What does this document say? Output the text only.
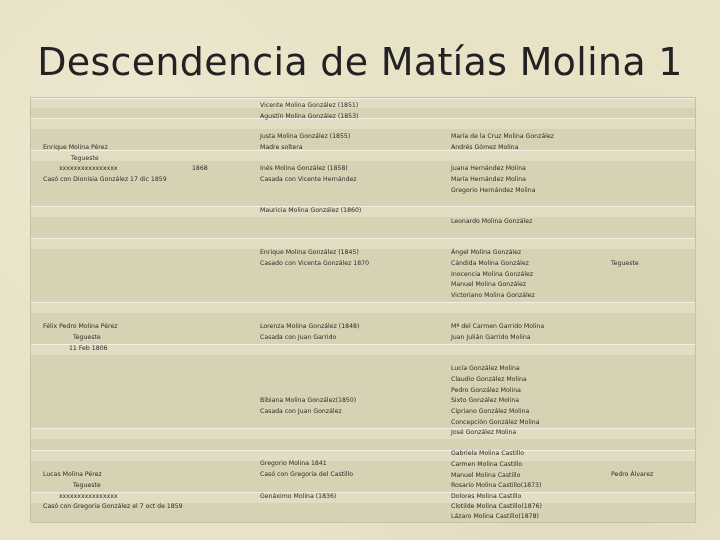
Descendencia de Matías Molina 1
Enrique Molina Pérez
Tegueste
xxxxxxxxxxxxxxxx
Casó con Dionisia González 17 dic 1859
1868
Félix Pedro Molina Pérez
Tegueste
11 Feb 1806
Lucas Molina Pérez
Tegueste
xxxxxxxxxxxxxxxx
Casó con Gregoria González el 7 oct de 1859
Vicente Molina González (1851)
Agustín Molina González (1853)
Justa Molina González (1855)
Madre soltera
Inés Molina González (1858)
Casada con Vicente Hernández
Mauricia Molina González (1860)
Enrique Molina González (1845)
Casado con Vicenta González 1870
Lorenza Molina González (1848)
Casada con Juan Garrido
Bibiana Molina González(1850)
Casada con Juan González
Gregorio Molina 1841
Casó con Gregoria del Castillo
Genáximo Molina (1836)
María de la Cruz Molina González
Andrés Gómez Molina
Juana Hernández Molina
María Hernández Molina
Gregorio Hernández Molina
Leonardo Molina González
Ángel Molina González
Cándida Molina González
Inocencia Molina González
Manuel Molina González
Victoriano Molina González
Mª del Carmen Garrido Molina
Juan Julián Garrido Molina
Lucía González Molina
Claudio González Molina
Pedro González Molina
Sixto González Molina
Cipriano González Molina
Concepción González Molina
José González Molina
Gabriela Molina Castillo
Carmen Molina Castillo
Manuel Molina Castillo
Rosario Molina Castillo(1873)
Dolores Molina Castillo
Clotilde Molina Castillo(1876)
Lázaro Molina Castillo(1878)
Tegueste
Pedro Álvarez
